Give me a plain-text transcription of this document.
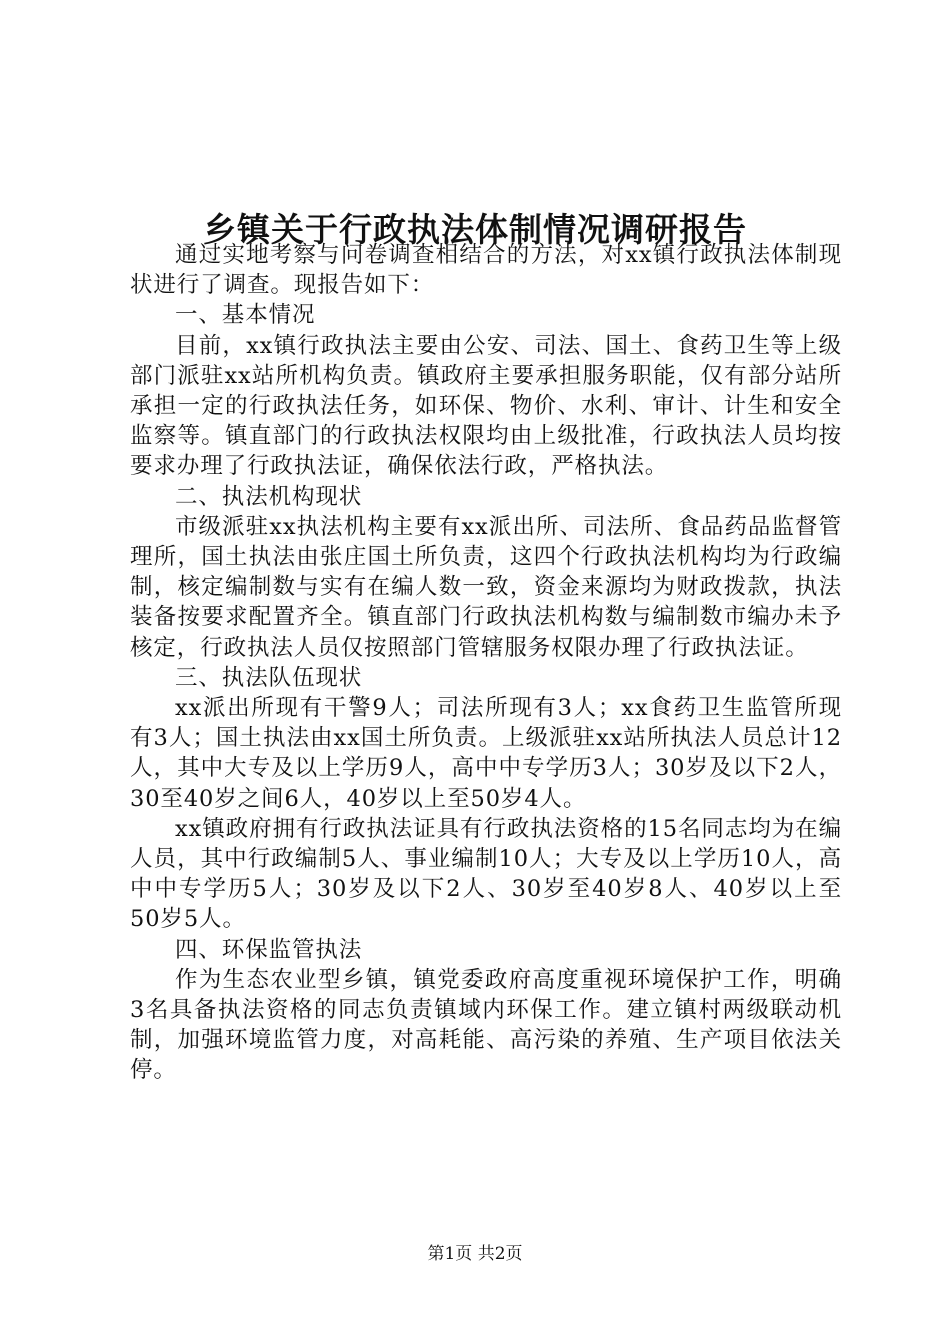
乡镇关于行政执法体制情况调研报告

通过实地考察与问卷调查相结合的方法，对xx镇行政执法体制现状进行了调查。现报告如下：

一、基本情况

目前，xx镇行政执法主要由公安、司法、国土、食药卫生等上级部门派驻xx站所机构负责。镇政府主要承担服务职能，仅有部分站所承担一定的行政执法任务，如环保、物价、水利、审计、计生和安全监察等。镇直部门的行政执法权限均由上级批准，行政执法人员均按要求办理了行政执法证，确保依法行政，严格执法。

二、执法机构现状

市级派驻xx执法机构主要有xx派出所、司法所、食品药品监督管理所，国土执法由张庄国土所负责，这四个行政执法机构均为行政编制，核定编制数与实有在编人数一致，资金来源均为财政拨款，执法装备按要求配置齐全。镇直部门行政执法机构数与编制数市编办未予核定，行政执法人员仅按照部门管辖服务权限办理了行政执法证。

三、执法队伍现状

xx派出所现有干警9人；司法所现有3人；xx食药卫生监管所现有3人；国土执法由xx国土所负责。上级派驻xx站所执法人员总计12人，其中大专及以上学历9人，高中中专学历3人；30岁及以下2人，30至40岁之间6人，40岁以上至50岁4人。

xx镇政府拥有行政执法证具有行政执法资格的15名同志均为在编人员，其中行政编制5人、事业编制10人；大专及以上学历10人，高中中专学历5人；30岁及以下2人、30岁至40岁8人、40岁以上至50岁5人。

四、环保监管执法

作为生态农业型乡镇，镇党委政府高度重视环境保护工作，明确3名具备执法资格的同志负责镇域内环保工作。建立镇村两级联动机制，加强环境监管力度，对高耗能、高污染的养殖、生产项目依法关停。

第1页 共2页
